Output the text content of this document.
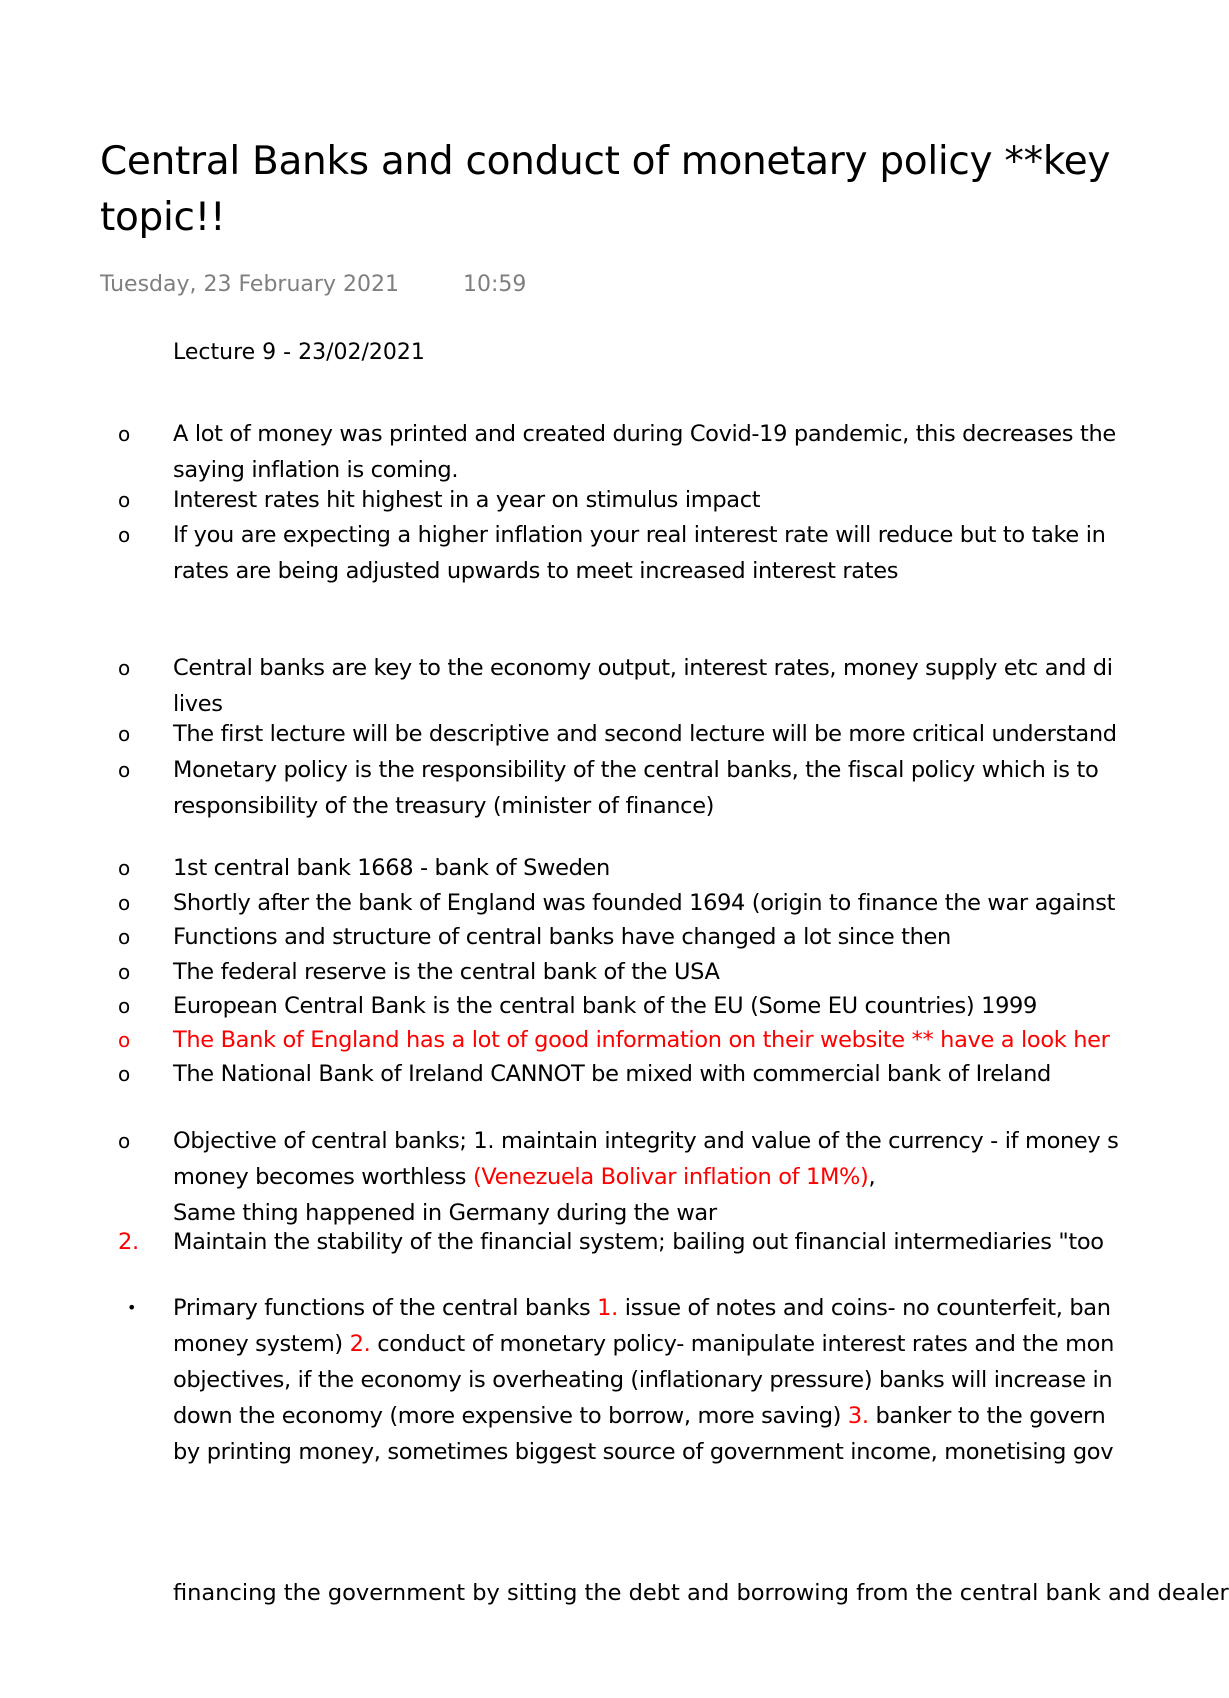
Central Banks and conduct of monetary policy **key
topic!!
Tuesday, 23 February 2021	10:59
Lecture 9 - 23/02/2021
o	A lot of money was printed and created during Covid-19 pandemic, this decreases the
saying inflation is coming.
o	Interest rates hit highest in a year on stimulus impact
o	If you are expecting a higher inflation your real interest rate will reduce but to take in
rates are being adjusted upwards to meet increased interest rates
o	Central banks are key to the economy output, interest rates, money supply etc and di
lives
o	The first lecture will be descriptive and second lecture will be more critical understand
o	Monetary policy is the responsibility of the central banks, the fiscal policy which is to
responsibility of the treasury (minister of finance)
o	1st central bank 1668 - bank of Sweden
o	Shortly after the bank of England was founded 1694 (origin to finance the war against
o	Functions and structure of central banks have changed a lot since then
o	The federal reserve is the central bank of the USA
o	European Central Bank is the central bank of the EU (Some EU countries) 1999
o	The Bank of England has a lot of good information on their website ** have a look her
o	The National Bank of Ireland CANNOT be mixed with commercial bank of Ireland
o	Objective of central banks; 1. maintain integrity and value of the currency - if money s
money becomes worthless (Venezuela Bolivar inflation of 1M%),
Same thing happened in Germany during the war
2.	Maintain the stability of the financial system; bailing out financial intermediaries "too
•	Primary functions of the central banks 1. issue of notes and coins- no counterfeit, ban
money system) 2. conduct of monetary policy- manipulate interest rates and the mon
objectives, if the economy is overheating (inflationary pressure) banks will increase in
down the economy (more expensive to borrow, more saving) 3. banker to the govern
by printing money, sometimes biggest source of government income, monetising gov
financing the government by sitting the debt and borrowing from the central bank and dealer
